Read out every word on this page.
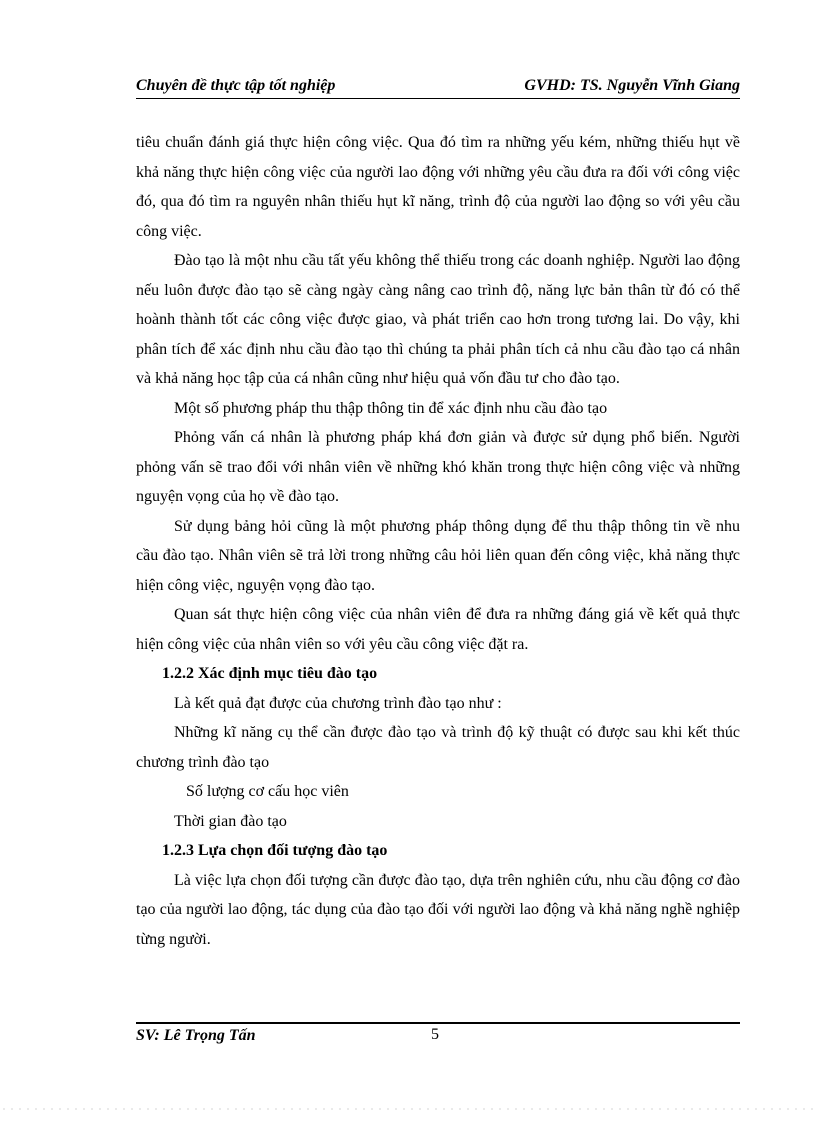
Chuyên đề thực tập tốt nghiệp	GVHD: TS. Nguyễn Vĩnh Giang

tiêu chuẩn đánh giá thực hiện công việc. Qua đó tìm ra những yếu kém, những thiếu hụt về khả năng thực hiện công việc của người lao động với những yêu cầu đưa ra đối với công việc đó, qua đó tìm ra nguyên nhân thiếu hụt kĩ năng, trình độ của người lao động so với yêu cầu công việc.

Đào tạo là một nhu cầu tất yếu không thể thiếu trong các doanh nghiệp. Người lao động nếu luôn được đào tạo sẽ càng ngày càng nâng cao trình độ, năng lực bản thân từ đó có thể hoành thành tốt các công việc được giao, và phát triển cao hơn trong tương lai. Do vậy, khi phân tích để xác định nhu cầu đào tạo thì chúng ta phải phân tích cả nhu cầu đào tạo cá nhân và khả năng học tập của cá nhân cũng như hiệu quả vốn đầu tư cho đào tạo.

Một số phương pháp thu thập thông tin để xác định nhu cầu đào tạo

Phỏng vấn cá nhân là phương pháp khá đơn giản và được sử dụng phổ biến. Người phỏng vấn sẽ trao đổi với nhân viên về những khó khăn trong thực hiện công việc và những nguyện vọng của họ về đào tạo.

Sử dụng bảng hỏi cũng là một phương pháp thông dụng để thu thập thông tin về nhu cầu đào tạo. Nhân viên sẽ trả lời trong những câu hỏi liên quan đến công việc, khả năng thực hiện công việc, nguyện vọng đào tạo.

Quan sát thực hiện công việc của nhân viên để đưa ra những đáng giá về kết quả thực hiện công việc của nhân viên so với yêu cầu công việc đặt ra.

1.2.2 Xác định mục tiêu đào tạo

Là kết quả đạt được của chương trình đào tạo như :

Những kĩ năng cụ thể cần được đào tạo và trình độ kỹ thuật có được sau khi kết thúc chương trình đào tạo

Số lượng cơ cấu học viên

Thời gian đào tạo

1.2.3 Lựa chọn đối tượng đào tạo

Là việc lựa chọn đối tượng cần được đào tạo, dựa trên nghiên cứu, nhu cầu động cơ đào tạo của người lao động, tác dụng của đào tạo đối với người lao động và khả năng nghề nghiệp từng người.

SV: Lê Trọng Tấn	5
